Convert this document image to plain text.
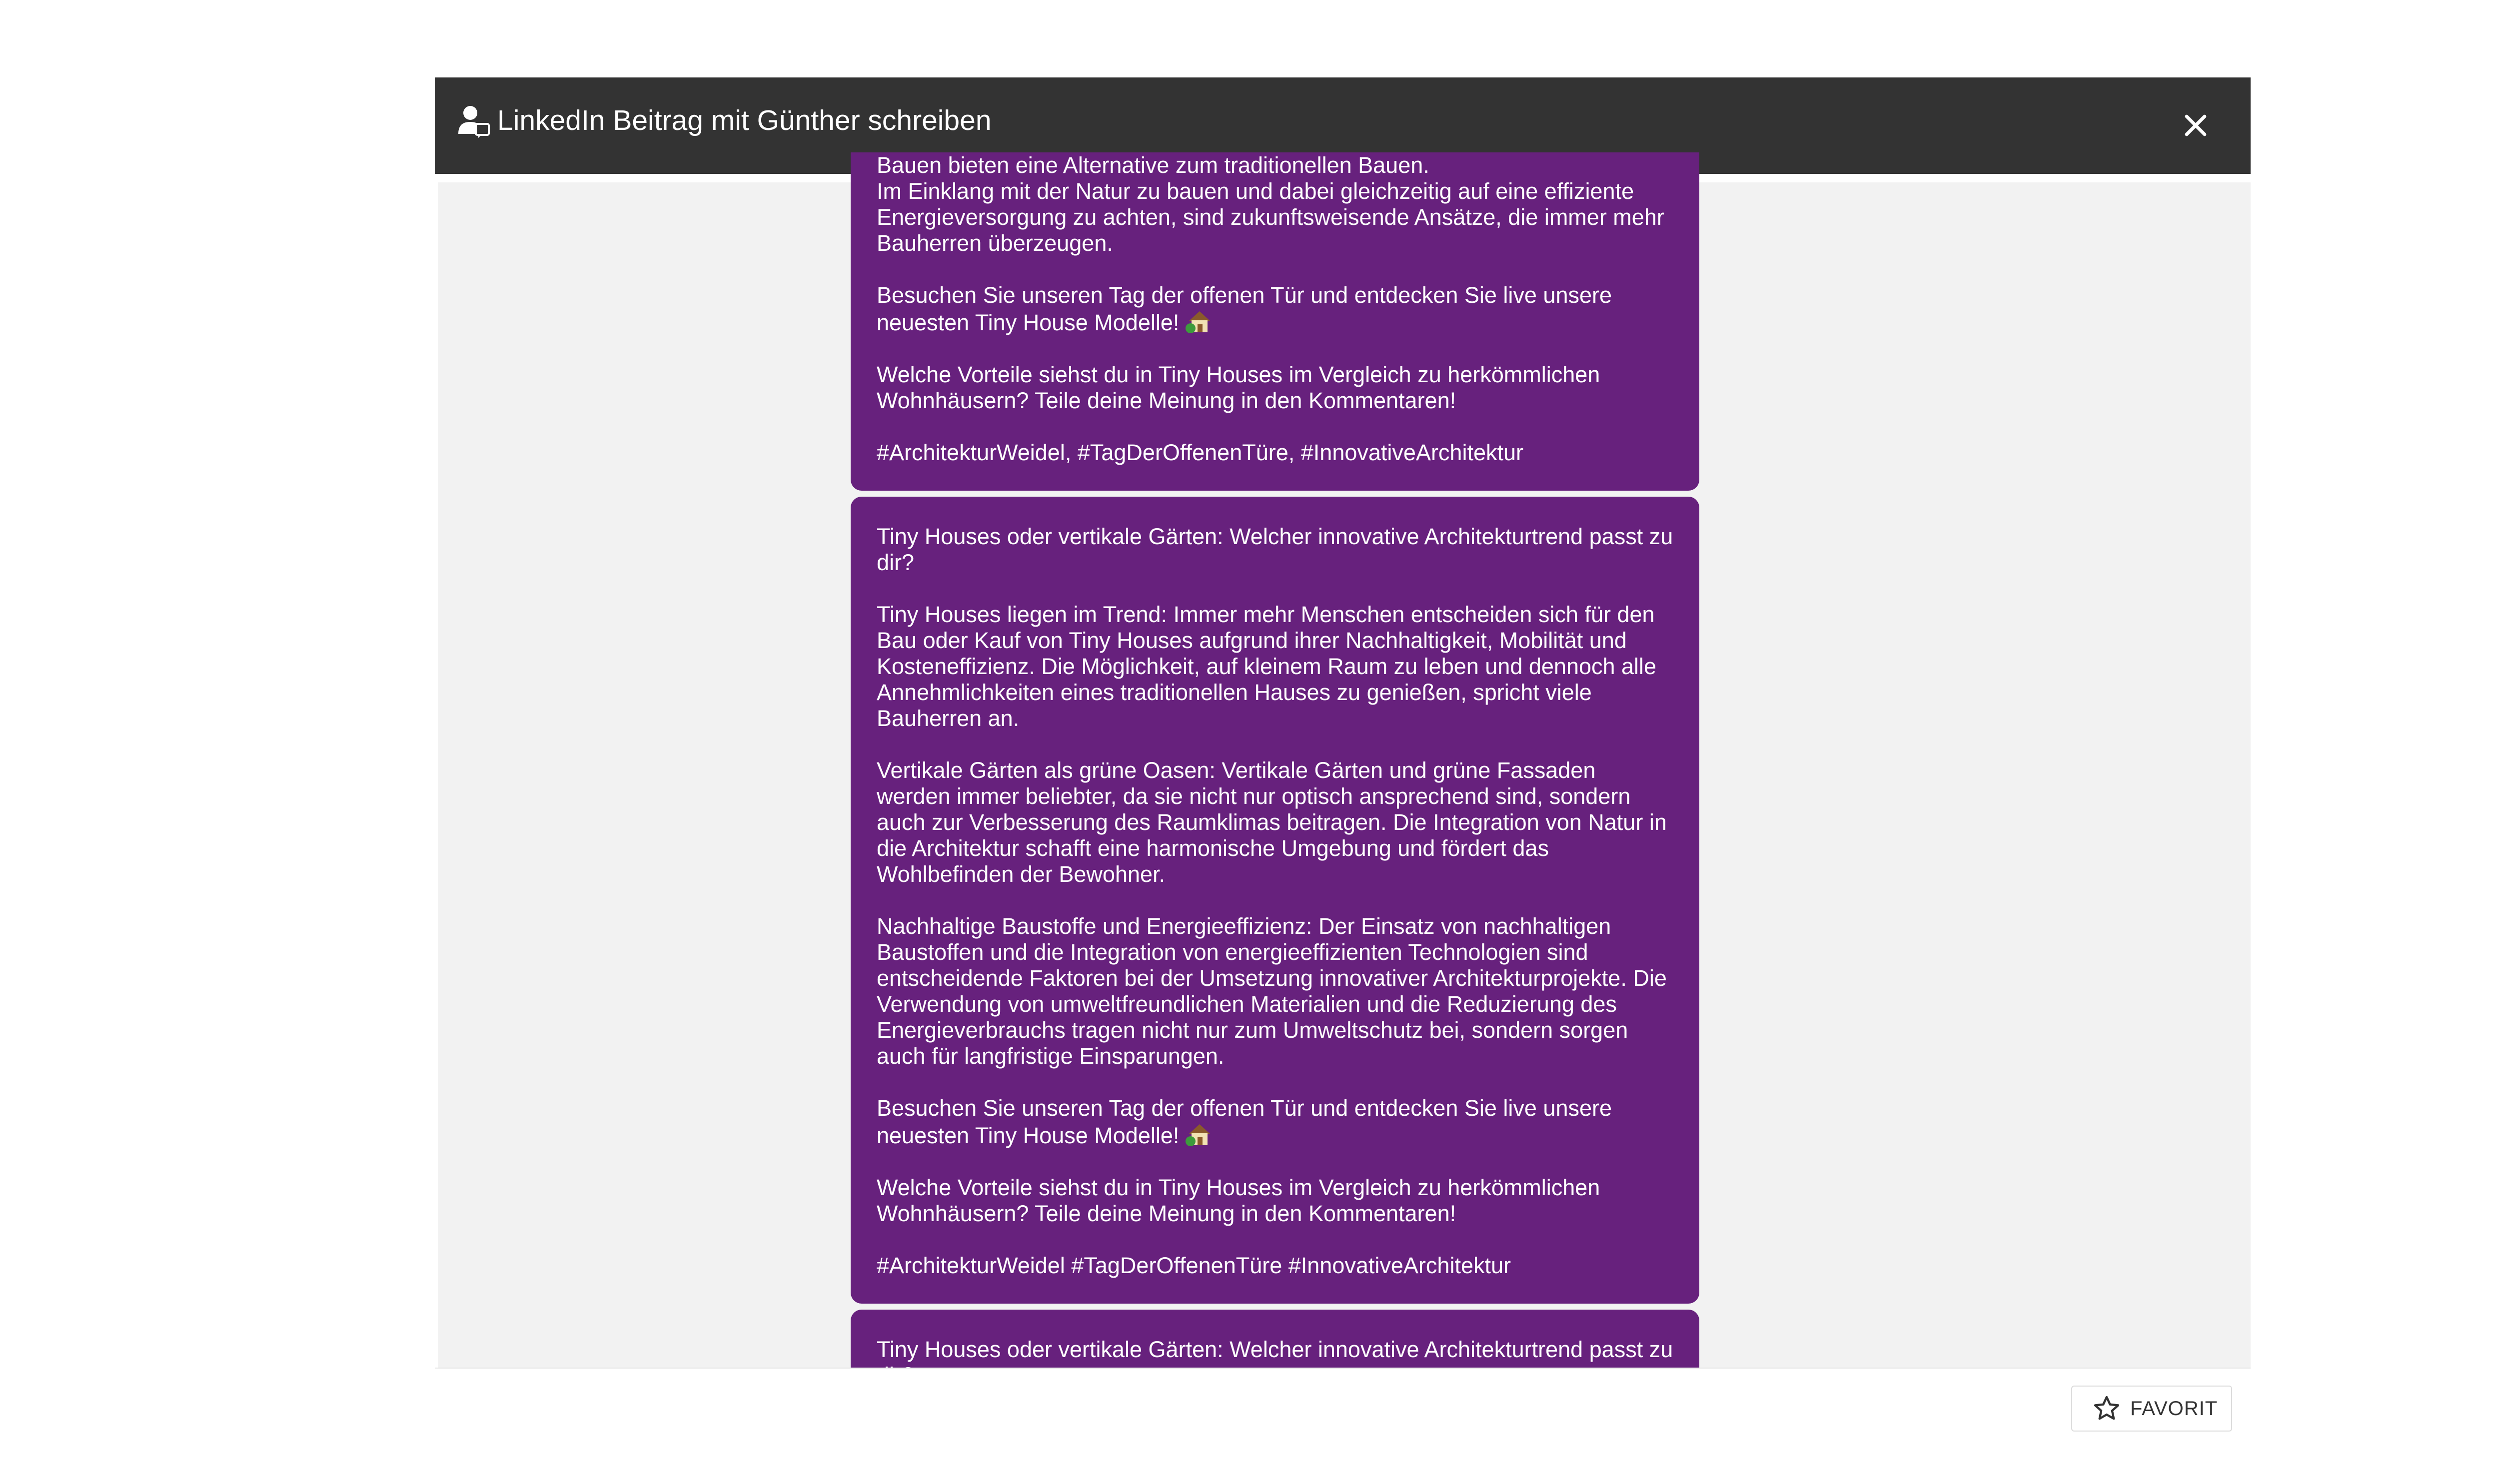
LinkedIn Beitrag mit Günther schreiben

Bauen bieten eine Alternative zum traditionellen Bauen.

Im Einklang mit der Natur zu bauen und dabei gleichzeitig auf eine effiziente Energieversorgung zu achten, sind zukunftsweisende Ansätze, die immer mehr Bauherren überzeugen.

Besuchen Sie unseren Tag der offenen Tür und entdecken Sie live unsere neuesten Tiny House Modelle!

Welche Vorteile siehst du in Tiny Houses im Vergleich zu herkömmlichen Wohnhäusern? Teile deine Meinung in den Kommentaren!

#ArchitekturWeidel, #TagDerOffenenTüre, #InnovativeArchitektur

Tiny Houses oder vertikale Gärten: Welcher innovative Architekturtrend passt zu dir?

Tiny Houses liegen im Trend: Immer mehr Menschen entscheiden sich für den Bau oder Kauf von Tiny Houses aufgrund ihrer Nachhaltigkeit, Mobilität und Kosteneffizienz. Die Möglichkeit, auf kleinem Raum zu leben und dennoch alle Annehmlichkeiten eines traditionellen Hauses zu genießen, spricht viele Bauherren an.

Vertikale Gärten als grüne Oasen: Vertikale Gärten und grüne Fassaden werden immer beliebter, da sie nicht nur optisch ansprechend sind, sondern auch zur Verbesserung des Raumklimas beitragen. Die Integration von Natur in die Architektur schafft eine harmonische Umgebung und fördert das Wohlbefinden der Bewohner.

Nachhaltige Baustoffe und Energieeffizienz: Der Einsatz von nachhaltigen Baustoffen und die Integration von energieeffizienten Technologien sind entscheidende Faktoren bei der Umsetzung innovativer Architekturprojekte. Die Verwendung von umweltfreundlichen Materialien und die Reduzierung des Energieverbrauchs tragen nicht nur zum Umweltschutz bei, sondern sorgen auch für langfristige Einsparungen.

Besuchen Sie unseren Tag der offenen Tür und entdecken Sie live unsere neuesten Tiny House Modelle!

Welche Vorteile siehst du in Tiny Houses im Vergleich zu herkömmlichen Wohnhäusern? Teile deine Meinung in den Kommentaren!

#ArchitekturWeidel #TagDerOffenenTüre #InnovativeArchitektur

Tiny Houses oder vertikale Gärten: Welcher innovative Architekturtrend passt zu

FAVORIT
